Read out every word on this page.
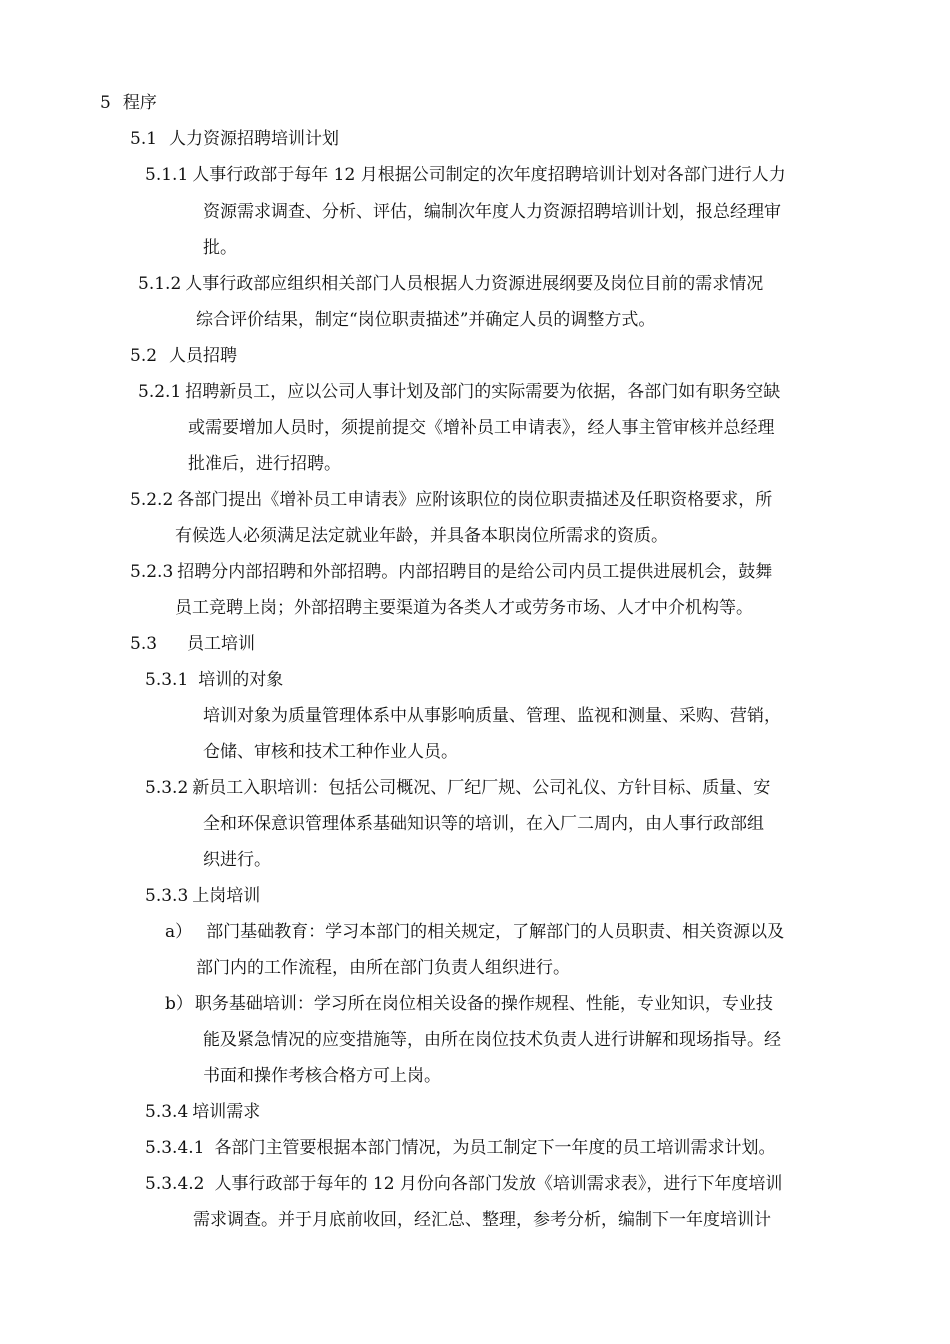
5 程序
5.1 人力资源招聘培训计划
5.1.1 人事行政部于每年 12 月根据公司制定的次年度招聘培训计划对各部门进行人力
资源需求调查、分析、评估，编制次年度人力资源招聘培训计划，报总经理审
批。
5.1.2 人事行政部应组织相关部门人员根据人力资源进展纲要及岗位目前的需求情况
综合评价结果，制定“岗位职责描述”并确定人员的调整方式。
5.2 人员招聘
5.2.1 招聘新员工，应以公司人事计划及部门的实际需要为依据，各部门如有职务空缺
或需要增加人员时，须提前提交《增补员工申请表》，经人事主管审核并总经理
批准后，进行招聘。
5.2.2 各部门提出《增补员工申请表》应附该职位的岗位职责描述及任职资格要求，所
有候选人必须满足法定就业年龄，并具备本职岗位所需求的资质。
5.2.3 招聘分内部招聘和外部招聘。内部招聘目的是给公司内员工提供进展机会，鼓舞
员工竞聘上岗；外部招聘主要渠道为各类人才或劳务市场、人才中介机构等。
5.3 员工培训
5.3.1 培训的对象
培训对象为质量管理体系中从事影响质量、管理、监视和测量、采购、营销，
仓储、审核和技术工种作业人员。
5.3.2 新员工入职培训：包括公司概况、厂纪厂规、公司礼仪、方针目标、质量、安
全和环保意识管理体系基础知识等的培训，在入厂二周内，由人事行政部组
织进行。
5.3.3 上岗培训
a） 部门基础教育：学习本部门的相关规定，了解部门的人员职责、相关资源以及
部门内的工作流程，由所在部门负责人组织进行。
b） 职务基础培训：学习所在岗位相关设备的操作规程、性能，专业知识，专业技
能及紧急情况的应变措施等，由所在岗位技术负责人进行讲解和现场指导。经
书面和操作考核合格方可上岗。
5.3.4 培训需求
5.3.4.1 各部门主管要根据本部门情况，为员工制定下一年度的员工培训需求计划。
5.3.4.2 人事行政部于每年的 12 月份向各部门发放《培训需求表》，进行下年度培训
需求调查。并于月底前收回，经汇总、整理，参考分析，编制下一年度培训计
